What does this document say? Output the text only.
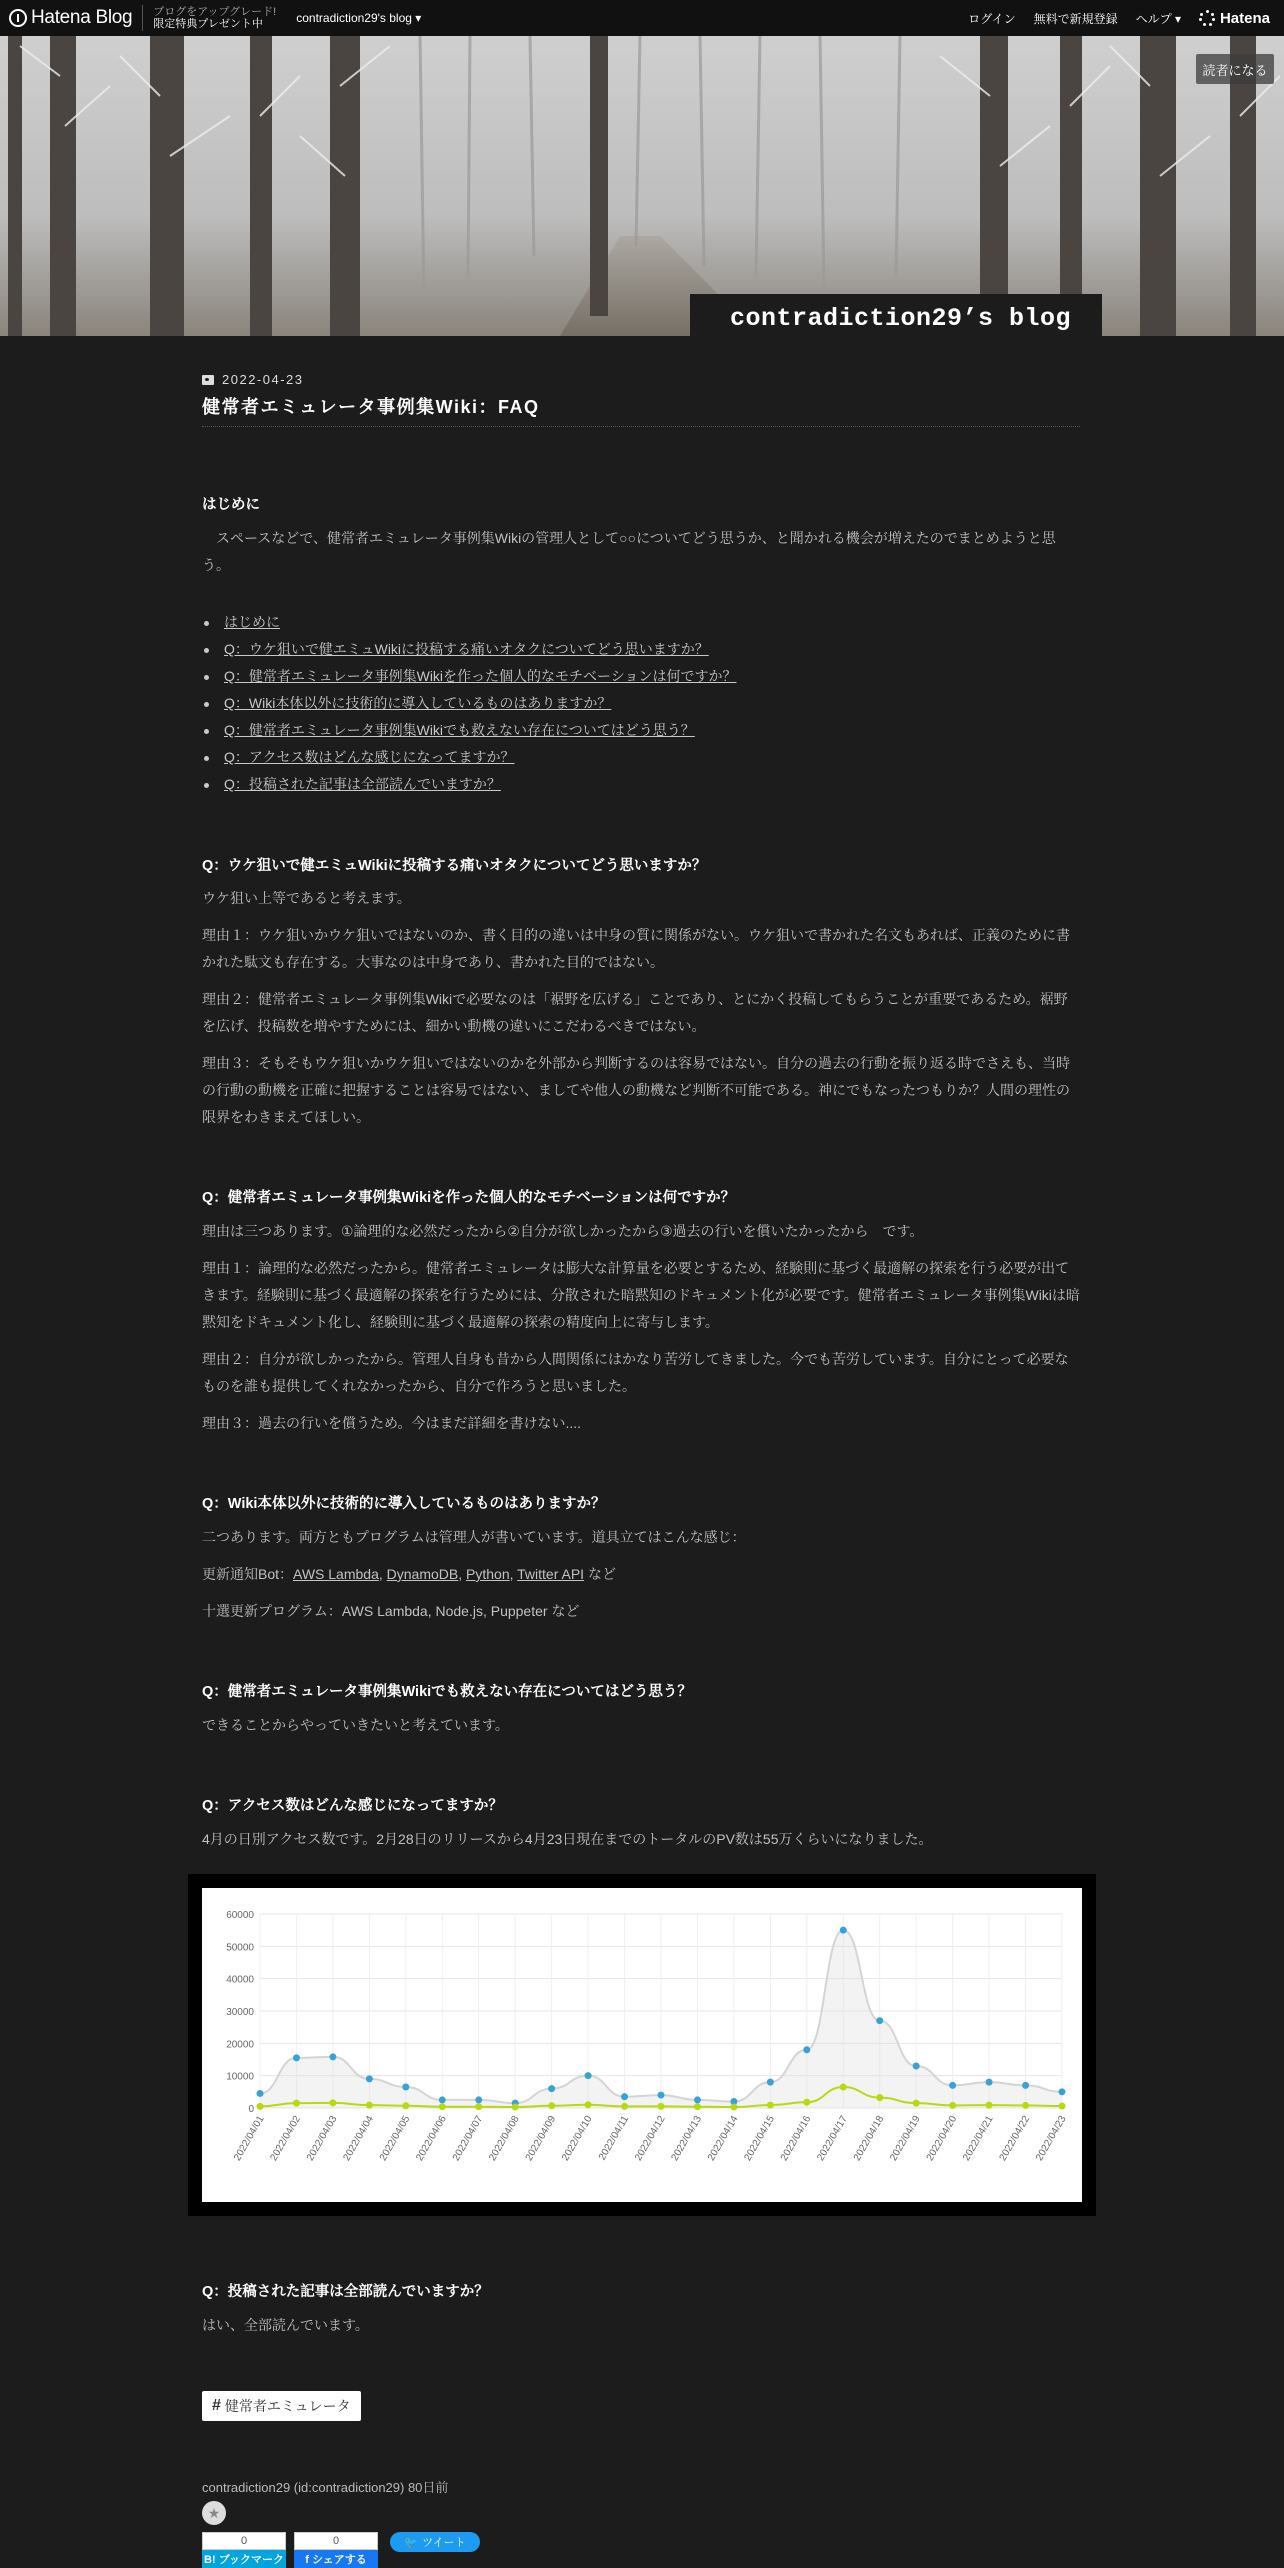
Hatena Blog ブログをアップグレード!
限定特典プレゼント中	contradiction29's blog ▾	ログイン 無料で新規登録 ヘルプ ▾	Hatena
読者になる
contradiction29’s blog
2022-04-23
健常者エミュレータ事例集Wiki：FAQ
はじめに
　スペースなどで、健常者エミュレータ事例集Wikiの管理人として○○についてどう思うか、と聞かれる機会が増えたのでまとめようと思う。
はじめに
Q：ウケ狙いで健エミュWikiに投稿する痛いオタクについてどう思いますか？
Q：健常者エミュレータ事例集Wikiを作った個人的なモチベーションは何ですか？
Q：Wiki本体以外に技術的に導入しているものはありますか？
Q：健常者エミュレータ事例集Wikiでも救えない存在についてはどう思う？
Q：アクセス数はどんな感じになってますか？
Q：投稿された記事は全部読んでいますか？
Q：ウケ狙いで健エミュWikiに投稿する痛いオタクについてどう思いますか？
ウケ狙い上等であると考えます。
理由１：ウケ狙いかウケ狙いではないのか、書く目的の違いは中身の質に関係がない。ウケ狙いで書かれた名文もあれば、正義のために書かれた駄文も存在する。大事なのは中身であり、書かれた目的ではない。
理由２：健常者エミュレータ事例集Wikiで必要なのは「裾野を広げる」ことであり、とにかく投稿してもらうことが重要であるため。裾野を広げ、投稿数を増やすためには、細かい動機の違いにこだわるべきではない。
理由３：そもそもウケ狙いかウケ狙いではないのかを外部から判断するのは容易ではない。自分の過去の行動を振り返る時でさえも、当時の行動の動機を正確に把握することは容易ではない、ましてや他人の動機など判断不可能である。神にでもなったつもりか？人間の理性の限界をわきまえてほしい。
Q：健常者エミュレータ事例集Wikiを作った個人的なモチベーションは何ですか？
理由は三つあります。①論理的な必然だったから②自分が欲しかったから③過去の行いを償いたかったから　です。
理由１：論理的な必然だったから。健常者エミュレータは膨大な計算量を必要とするため、経験則に基づく最適解の探索を行う必要が出てきます。経験則に基づく最適解の探索を行うためには、分散された暗黙知のドキュメント化が必要です。健常者エミュレータ事例集Wikiは暗黙知をドキュメント化し、経験則に基づく最適解の探索の精度向上に寄与します。
理由２：自分が欲しかったから。管理人自身も昔から人間関係にはかなり苦労してきました。今でも苦労しています。自分にとって必要なものを誰も提供してくれなかったから、自分で作ろうと思いました。
理由３：過去の行いを償うため。今はまだ詳細を書けない....
Q：Wiki本体以外に技術的に導入しているものはありますか？
二つあります。両方ともプログラムは管理人が書いています。道具立てはこんな感じ：
更新通知Bot：AWS Lambda, DynamoDB, Python, Twitter API など
十選更新プログラム：AWS Lambda, Node.js, Puppeter など
Q：健常者エミュレータ事例集Wikiでも救えない存在についてはどう思う？
できることからやっていきたいと考えています。
Q：アクセス数はどんな感じになってますか？
4月の日別アクセス数です。2月28日のリリースから4月23日現在までのトータルのPV数は55万くらいになりました。
0
10000
20000
30000
40000
50000
60000
2022/04/01 2022/04/02 2022/04/03 2022/04/04 2022/04/05 2022/04/06 2022/04/07 2022/04/08 2022/04/09 2022/04/10 2022/04/11 2022/04/12 2022/04/13 2022/04/14 2022/04/15 2022/04/16 2022/04/17 2022/04/18 2022/04/19 2022/04/20 2022/04/21 2022/04/22 2022/04/23
Q：投稿された記事は全部読んでいますか？
はい、全部読んでいます。
# 健常者エミュレータ
contradiction29 (id:contradiction29) 80日前
★
0
B! ブックマーク
0
f シェアする
🐦 ツイート
